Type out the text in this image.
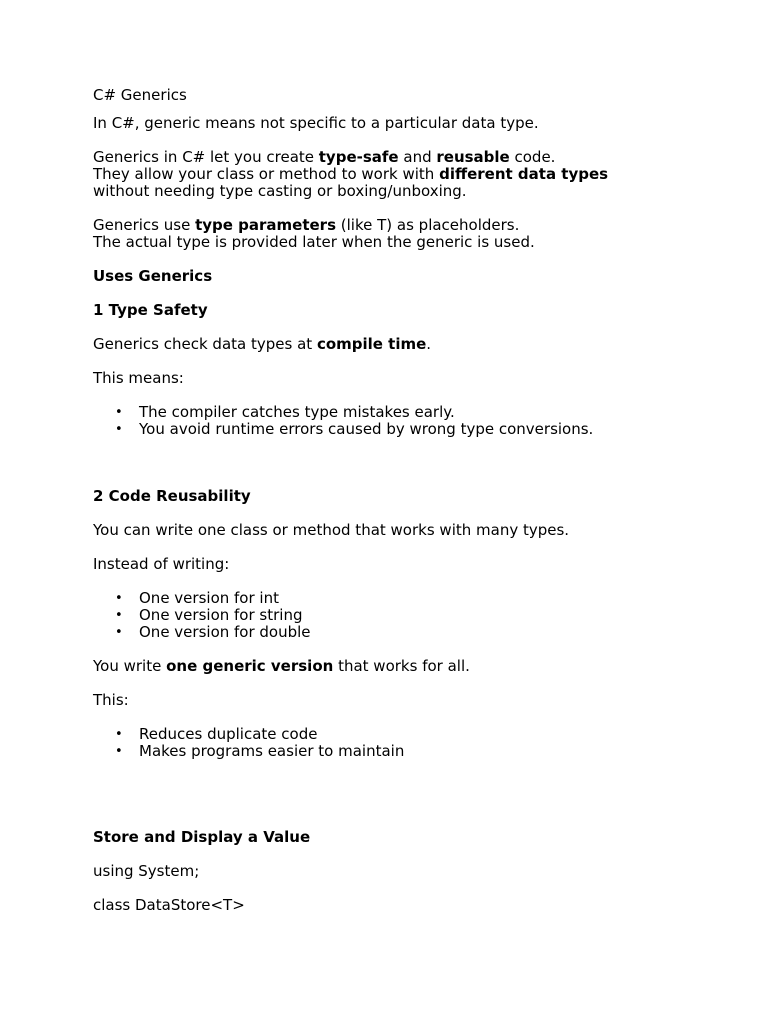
C# Generics

In C#, generic means not specific to a particular data type.

Generics in C# let you create type-safe and reusable code.

They allow your class or method to work with different data types

without needing type casting or boxing/unboxing.

Generics use type parameters (like T) as placeholders.

The actual type is provided later when the generic is used.

Uses Generics

1 Type Safety

Generics check data types at compile time.

This means:

• The compiler catches type mistakes early.
• You avoid runtime errors caused by wrong type conversions.

2 Code Reusability

You can write one class or method that works with many types.

Instead of writing:

• One version for int
• One version for string
• One version for double

You write one generic version that works for all.

This:

• Reduces duplicate code
• Makes programs easier to maintain

Store and Display a Value

using System;

class DataStore<T>
